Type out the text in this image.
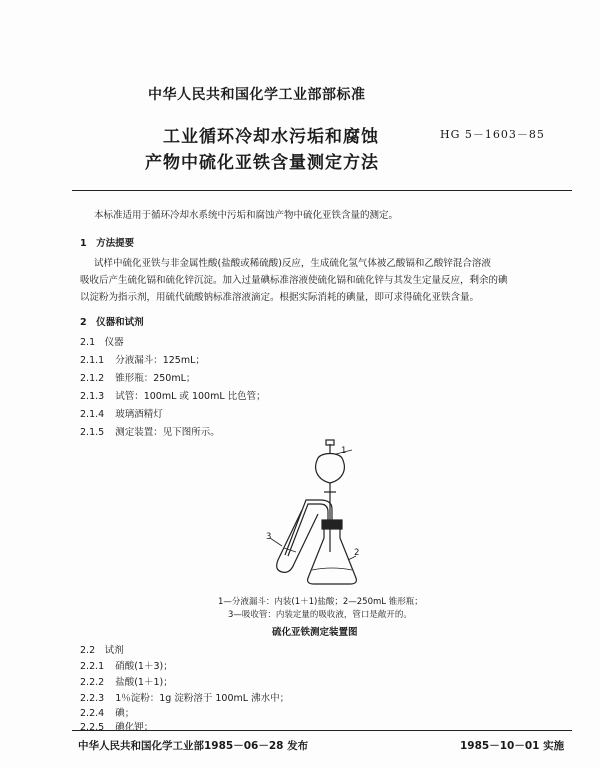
中华人民共和国化学工业部部标准
工业循环冷却水污垢和腐蚀
产物中硫化亚铁含量测定方法
HG 5－1603－85
本标准适用于循环冷却水系统中污垢和腐蚀产物中硫化亚铁含量的测定。
1　方法提要
试样中硫化亚铁与非金属性酸(盐酸或稀硫酸)反应，生成硫化氢气体被乙酸镉和乙酸锌混合溶液
吸收后产生硫化镉和硫化锌沉淀。加入过量碘标准溶液使硫化镉和硫化锌与其发生定量反应，剩余的碘
以淀粉为指示剂，用硫代硫酸钠标准溶液滴定。根据实际消耗的碘量，即可求得硫化亚铁含量。
2　仪器和试剂
2.1　仪器
2.1.1 分液漏斗：125mL；
2.1.2 锥形瓶：250mL；
2.1.3 试管：100mL 或 100mL 比色管；
2.1.4 玻璃酒精灯
2.1.5 测定装置：见下图所示。
1
2
3
1—分液漏斗：内装(1＋1)盐酸；2—250mL 锥形瓶；
3—吸收管：内装定量的吸收液，管口是敞开的。
硫化亚铁测定装置图
2.2　试剂
2.2.1 硝酸(1＋3)；
2.2.2 盐酸(1＋1)；
2.2.3 1％淀粉：1g 淀粉溶于 100mL 沸水中；
2.2.4 碘；
2.2.5 碘化钾；
中华人民共和国化学工业部1985－06－28 发布	1985－10－01 实施
